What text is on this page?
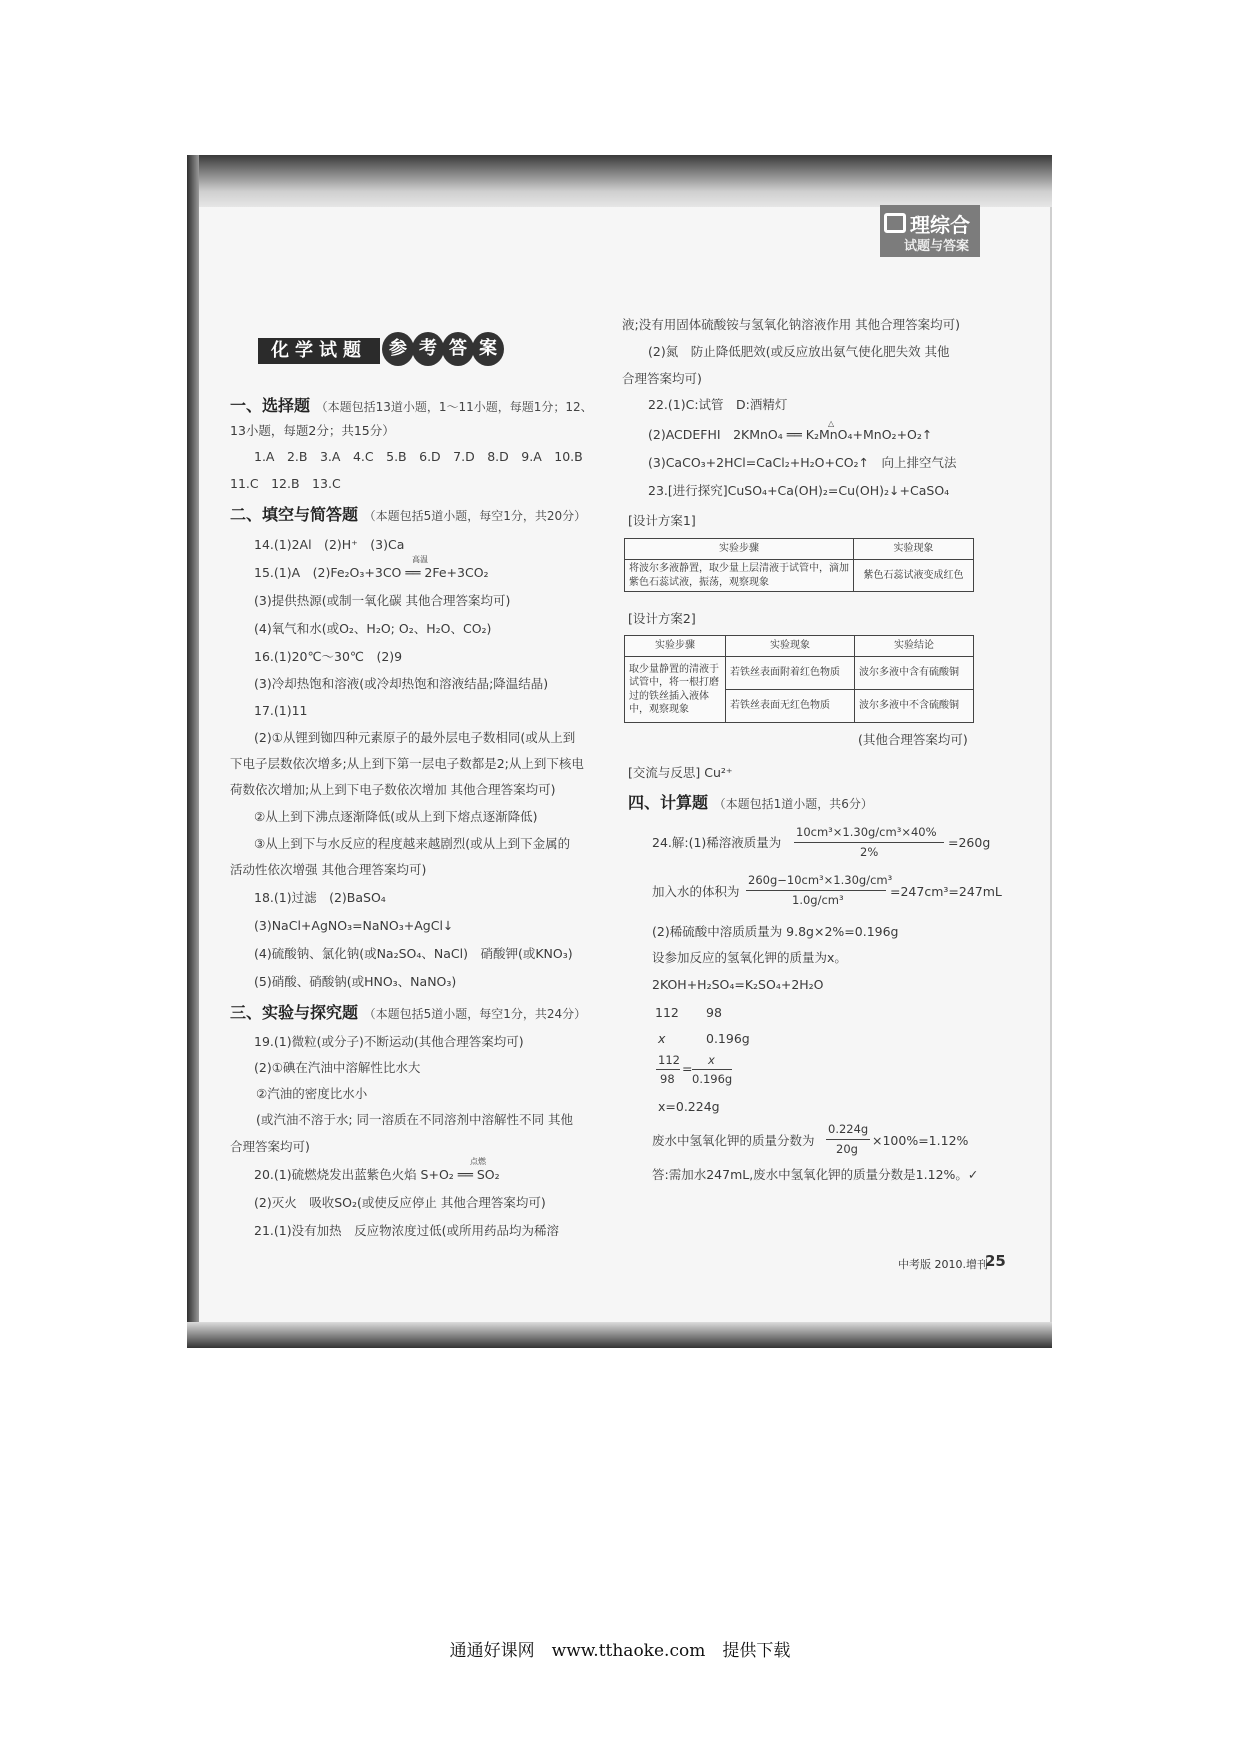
理综合
试题与答案
化学试题	参 考 答 案
一、选择题 （本题包括13道小题，1～11小题，每题1分；12、
13小题，每题2分；共15分）
1.A　2.B　3.A　4.C　5.B　6.D　7.D　8.D　9.A　10.B
11.C　12.B　13.C
二、填空与简答题 （本题包括5道小题，每空1分，共20分）
14.(1)2Al　(2)H⁺　(3)Ca
15.(1)A　(2)Fe₂O₃+3CO ══ 2Fe+3CO₂
高温
(3)提供热源(或制一氧化碳 其他合理答案均可)
(4)氧气和水(或O₂、H₂O; O₂、H₂O、CO₂)
16.(1)20℃～30℃　(2)9
(3)冷却热饱和溶液(或冷却热饱和溶液结晶;降温结晶)
17.(1)11
(2)①从锂到铷四种元素原子的最外层电子数相同(或从上到
下电子层数依次增多;从上到下第一层电子数都是2;从上到下核电
荷数依次增加;从上到下电子数依次增加 其他合理答案均可)
②从上到下沸点逐渐降低(或从上到下熔点逐渐降低)
③从上到下与水反应的程度越来越剧烈(或从上到下金属的
活动性依次增强 其他合理答案均可)
18.(1)过滤　(2)BaSO₄
(3)NaCl+AgNO₃=NaNO₃+AgCl↓
(4)硫酸钠、氯化钠(或Na₂SO₄、NaCl)　硝酸钾(或KNO₃)
(5)硝酸、硝酸钠(或HNO₃、NaNO₃)
三、实验与探究题 （本题包括5道小题，每空1分，共24分）
19.(1)微粒(或分子)不断运动(其他合理答案均可)
(2)①碘在汽油中溶解性比水大
②汽油的密度比水小
(或汽油不溶于水; 同一溶质在不同溶剂中溶解性不同 其他
合理答案均可)
20.(1)硫燃烧发出蓝紫色火焰 S+O₂ ══ SO₂
点燃
(2)灭火　吸收SO₂(或使反应停止 其他合理答案均可)
21.(1)没有加热　反应物浓度过低(或所用药品均为稀溶
液;没有用固体硫酸铵与氢氧化钠溶液作用 其他合理答案均可)
(2)氮　防止降低肥效(或反应放出氨气使化肥失效 其他
合理答案均可)
22.(1)C:试管　D:酒精灯
(2)ACDEFHI　2KMnO₄ ══ K₂MnO₄+MnO₂+O₂↑
△
(3)CaCO₃+2HCl=CaCl₂+H₂O+CO₂↑　向上排空气法
23.[进行探究]CuSO₄+Ca(OH)₂=Cu(OH)₂↓+CaSO₄
[设计方案1]
实验步骤	实验现象
将波尔多液静置，取少量上层清液于试管中，滴加紫色石蕊试液，振荡，观察现象	紫色石蕊试液变成红色
[设计方案2]
实验步骤	实验现象	实验结论
取少量静置的清液于试管中，将一根打磨过的铁丝插入液体中，观察现象	若铁丝表面附着红色物质	波尔多液中含有硫酸铜
	若铁丝表面无红色物质	波尔多液中不含硫酸铜
(其他合理答案均可)
[交流与反思] Cu²⁺
四、计算题 （本题包括1道小题，共6分）
24.解:(1)稀溶液质量为
10cm³×1.30g/cm³×40%
2%
=260g
加入水的体积为
260g−10cm³×1.30g/cm³
1.0g/cm³
=247cm³=247mL
(2)稀硫酸中溶质质量为 9.8g×2%=0.196g
设参加反应的氢氧化钾的质量为x。
2KOH+H₂SO₄=K₂SO₄+2H₂O
112 98
x	0.196g
112
98
=
x
0.196g
x=0.224g
废水中氢氧化钾的质量分数为
0.224g
20g
×100%=1.12%
答:需加水247mL,废水中氢氧化钾的质量分数是1.12%。✓
中考版 2010.增刊
25
通通好课网　www.tthaoke.com　提供下载
